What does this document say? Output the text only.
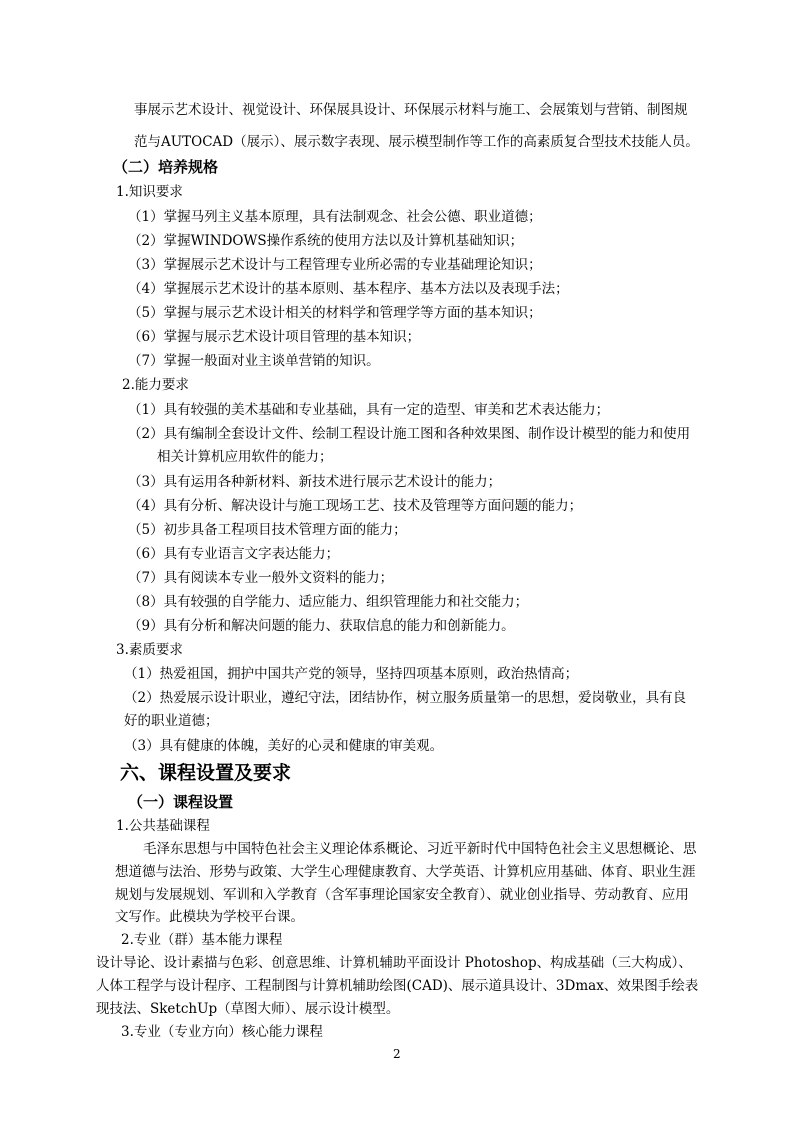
事展示艺术设计、视觉设计、环保展具设计、环保展示材料与施工、会展策划与营销、制图规

范与AUTOCAD（展示）、展示数字表现、展示模型制作等工作的高素质复合型技术技能人员。

（二）培养规格

1.知识要求

（1）掌握马列主义基本原理，具有法制观念、社会公德、职业道德；

（2）掌握WINDOWS操作系统的使用方法以及计算机基础知识；

（3）掌握展示艺术设计与工程管理专业所必需的专业基础理论知识；

（4）掌握展示艺术设计的基本原则、基本程序、基本方法以及表现手法；

（5）掌握与展示艺术设计相关的材料学和管理学等方面的基本知识；

（6）掌握与展示艺术设计项目管理的基本知识；

（7）掌握一般面对业主谈单营销的知识。

2.能力要求

（1）具有较强的美术基础和专业基础，具有一定的造型、审美和艺术表达能力；

（2）具有编制全套设计文件、绘制工程设计施工图和各种效果图、制作设计模型的能力和使用

相关计算机应用软件的能力；

（3）具有运用各种新材料、新技术进行展示艺术设计的能力；

（4）具有分析、解决设计与施工现场工艺、技术及管理等方面问题的能力；

（5）初步具备工程项目技术管理方面的能力；

（6）具有专业语言文字表达能力；

（7）具有阅读本专业一般外文资料的能力；

（8）具有较强的自学能力、适应能力、组织管理能力和社交能力；

（9）具有分析和解决问题的能力、获取信息的能力和创新能力。

3.素质要求

（1）热爱祖国，拥护中国共产党的领导，坚持四项基本原则，政治热情高；

（2）热爱展示设计职业，遵纪守法，团结协作，树立服务质量第一的思想，爱岗敬业，具有良

好的职业道德；

（3）具有健康的体魄，美好的心灵和健康的审美观。

六、课程设置及要求

（一）课程设置

1.公共基础课程

毛泽东思想与中国特色社会主义理论体系概论、习近平新时代中国特色社会主义思想概论、思

想道德与法治、形势与政策、大学生心理健康教育、大学英语、计算机应用基础、体育、职业生涯

规划与发展规划、军训和入学教育（含军事理论国家安全教育）、就业创业指导、劳动教育、应用

文写作。此模块为学校平台课。

2.专业（群）基本能力课程

设计导论、设计素描与色彩、创意思维、计算机辅助平面设计 Photoshop、构成基础（三大构成）、

人体工程学与设计程序、工程制图与计算机辅助绘图(CAD)、展示道具设计、3Dmax、效果图手绘表

现技法、SketchUp（草图大师）、展示设计模型。

3.专业（专业方向）核心能力课程

2
